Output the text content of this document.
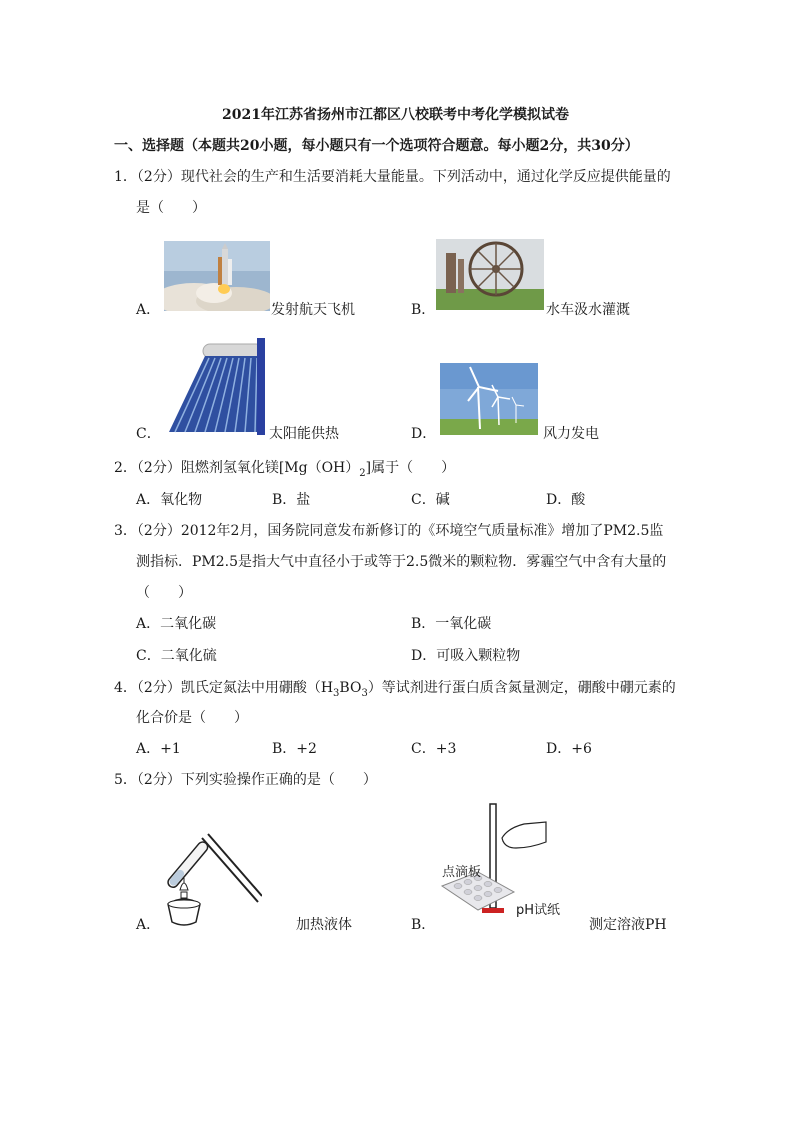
2021年江苏省扬州市江都区八校联考中考化学模拟试卷
一、选择题（本题共20小题，每小题只有一个选项符合题意。每小题2分，共30分）
1．（2分）现代社会的生产和生活要消耗大量能量。下列活动中，通过化学反应提供能量的
是（　　）
A．	发射航天飞机	B．	水车汲水灌溉
C．	太阳能供热	D．	风力发电
2．（2分）阻燃剂氢氧化镁$[Mg(OH)_2]$属于（　　）
A．氧化物	B．盐	C．碱	D．酸
3．（2分）2012年2月，国务院同意发布新修订的《环境空气质量标准》增加了PM2.5监
测指标．PM2.5是指大气中直径小于或等于2.5微米的颗粒物．雾霾空气中含有大量的
（　　）
A．二氧化碳	B．一氧化碳
C．二氧化硫	D．可吸入颗粒物
4．（2分）凯氏定氮法中用硼酸$(H_3BO_3)$等试剂进行蛋白质含氮量测定，硼酸中硼元素的
化合价是（　　）
A．+1	B．+2	C．+3	D．+6
5．（2分）下列实验操作正确的是（　　）
A．	加热液体
点滴板
pH试纸
B．	测定溶液PH
